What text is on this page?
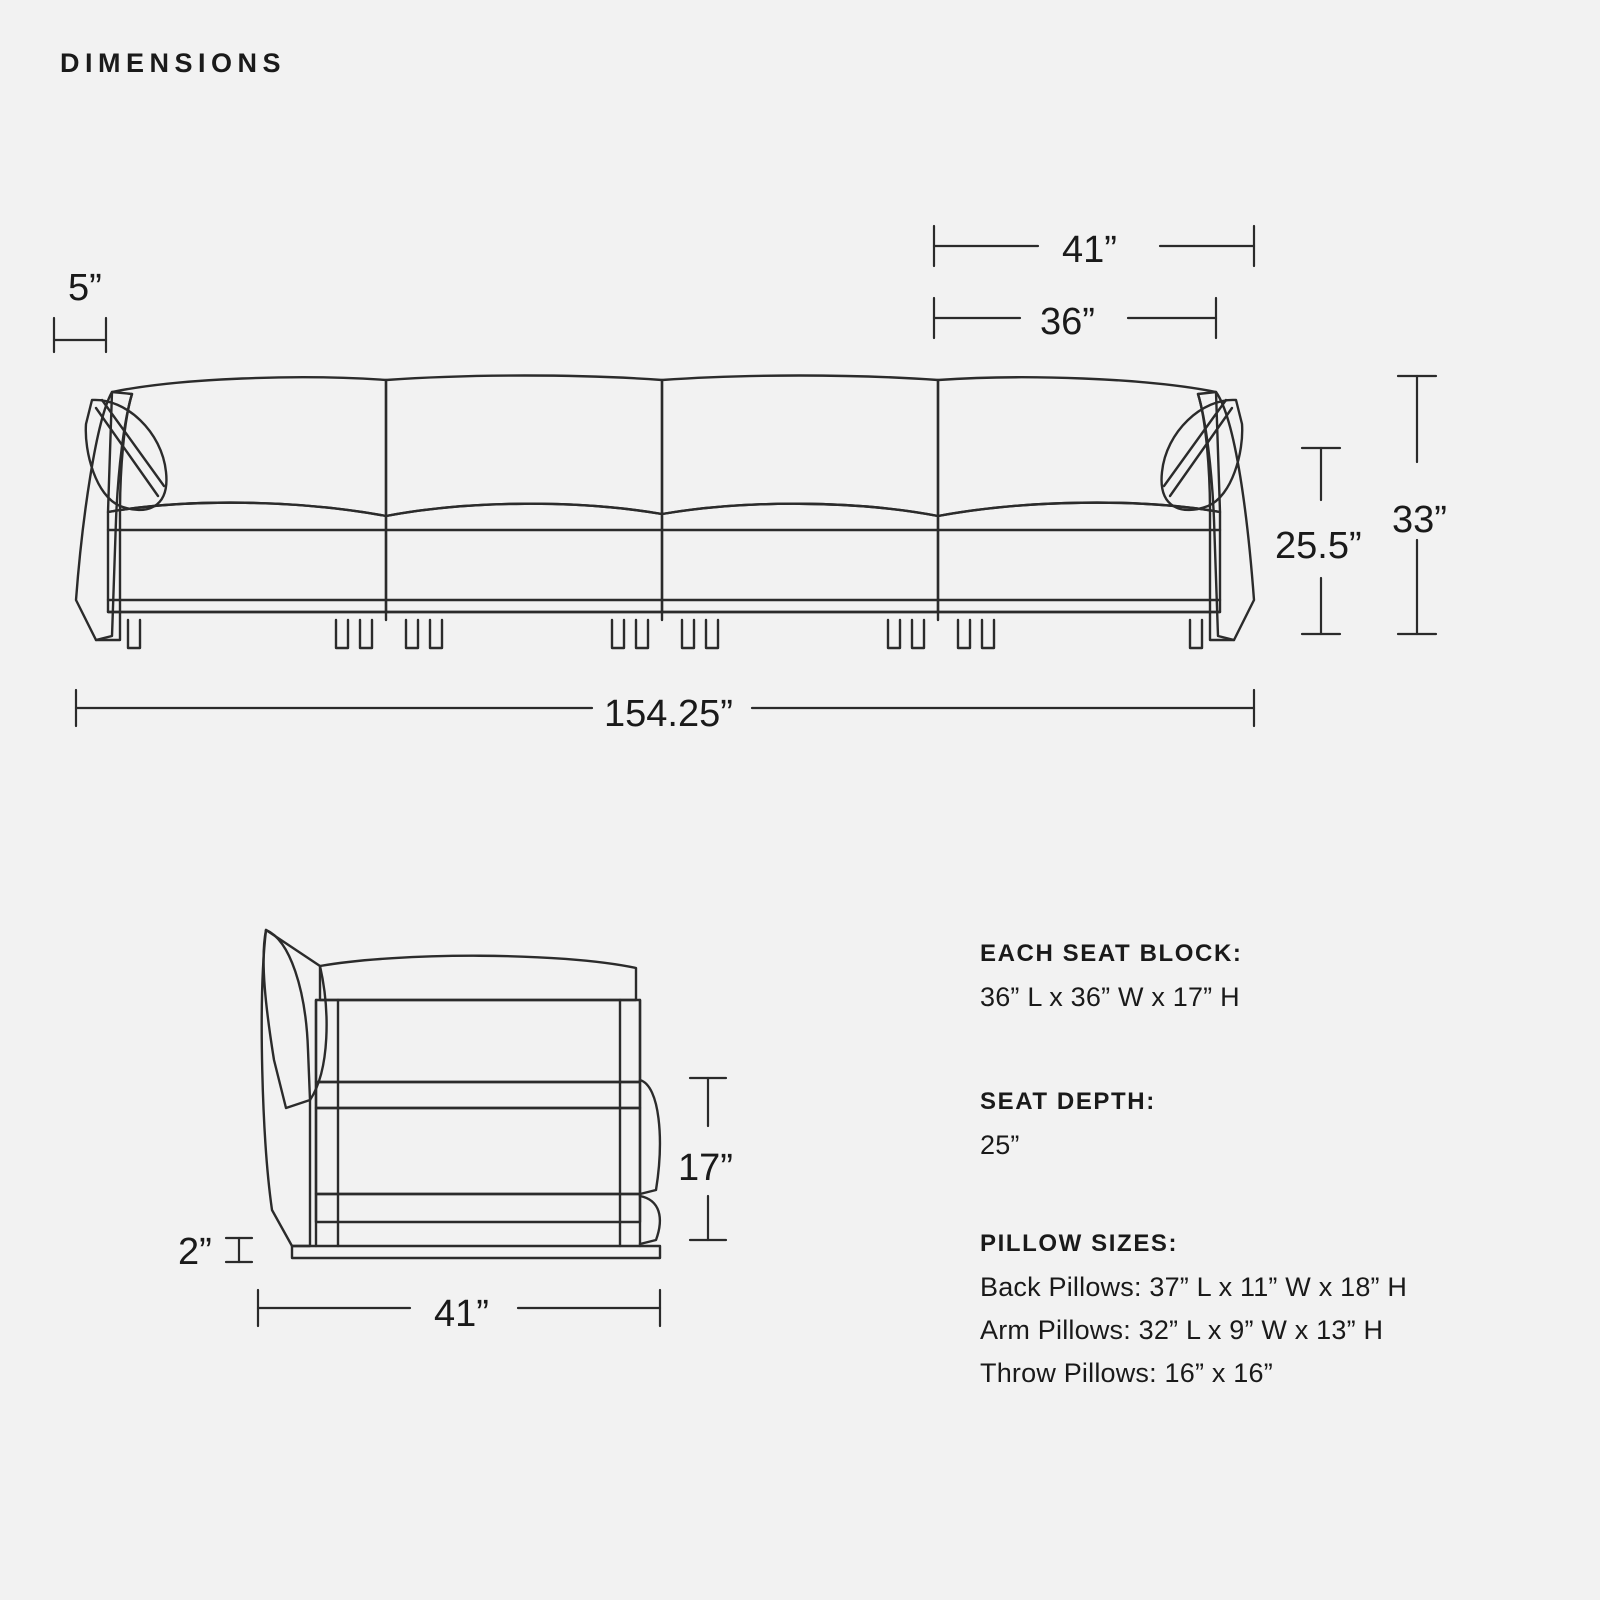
DIMENSIONS
5”
41”
36”
25.5”
33”
154.25”
17”
2”
41”
EACH SEAT BLOCK:
36” L x 36” W x 17” H
SEAT DEPTH:
25”
PILLOW SIZES:
Back Pillows: 37” L x 11” W x 18” H
Arm Pillows: 32” L x 9” W x 13” H
Throw Pillows: 16” x 16”
